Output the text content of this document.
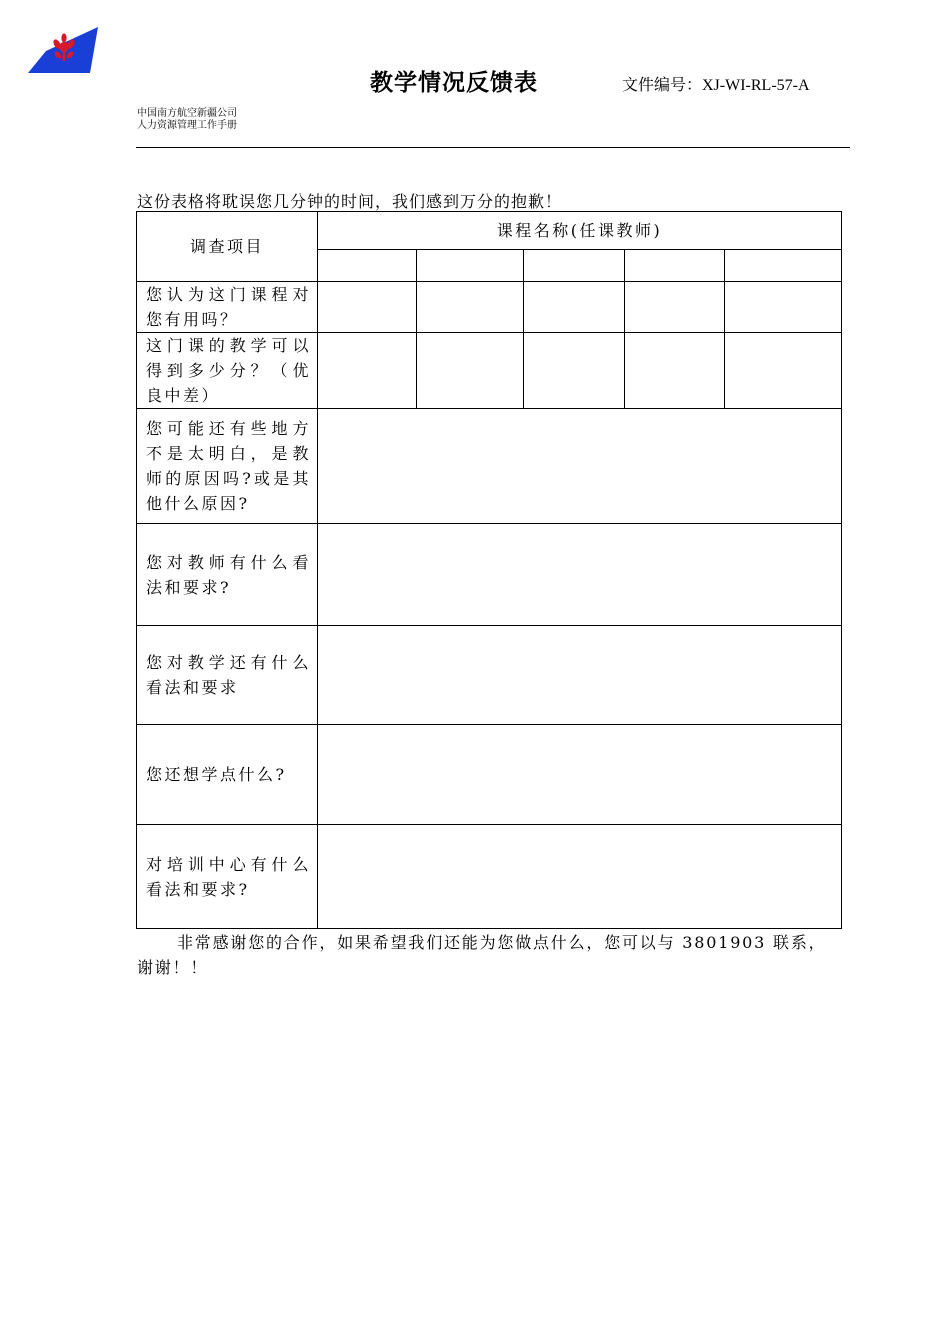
教学情况反馈表	文件编号：XJ-WI-RL-57-A
中国南方航空新疆公司
人力资源管理工作手册
这份表格将耽误您几分钟的时间，我们感到万分的抱歉！
调查项目	课程名称(任课教师)				

您认为这门课程对您有用吗？					
这门课的教学可以得到多少分？（优良中差）					
您可能还有些地方不是太明白，是教师的原因吗?或是其他什么原因?					
您对教师有什么看法和要求?					
您对教学还有什么看法和要求					
您还想学点什么?					
对培训中心有什么看法和要求?					
非常感谢您的合作，如果希望我们还能为您做点什么，您可以与 3801903 联系，谢谢！！
